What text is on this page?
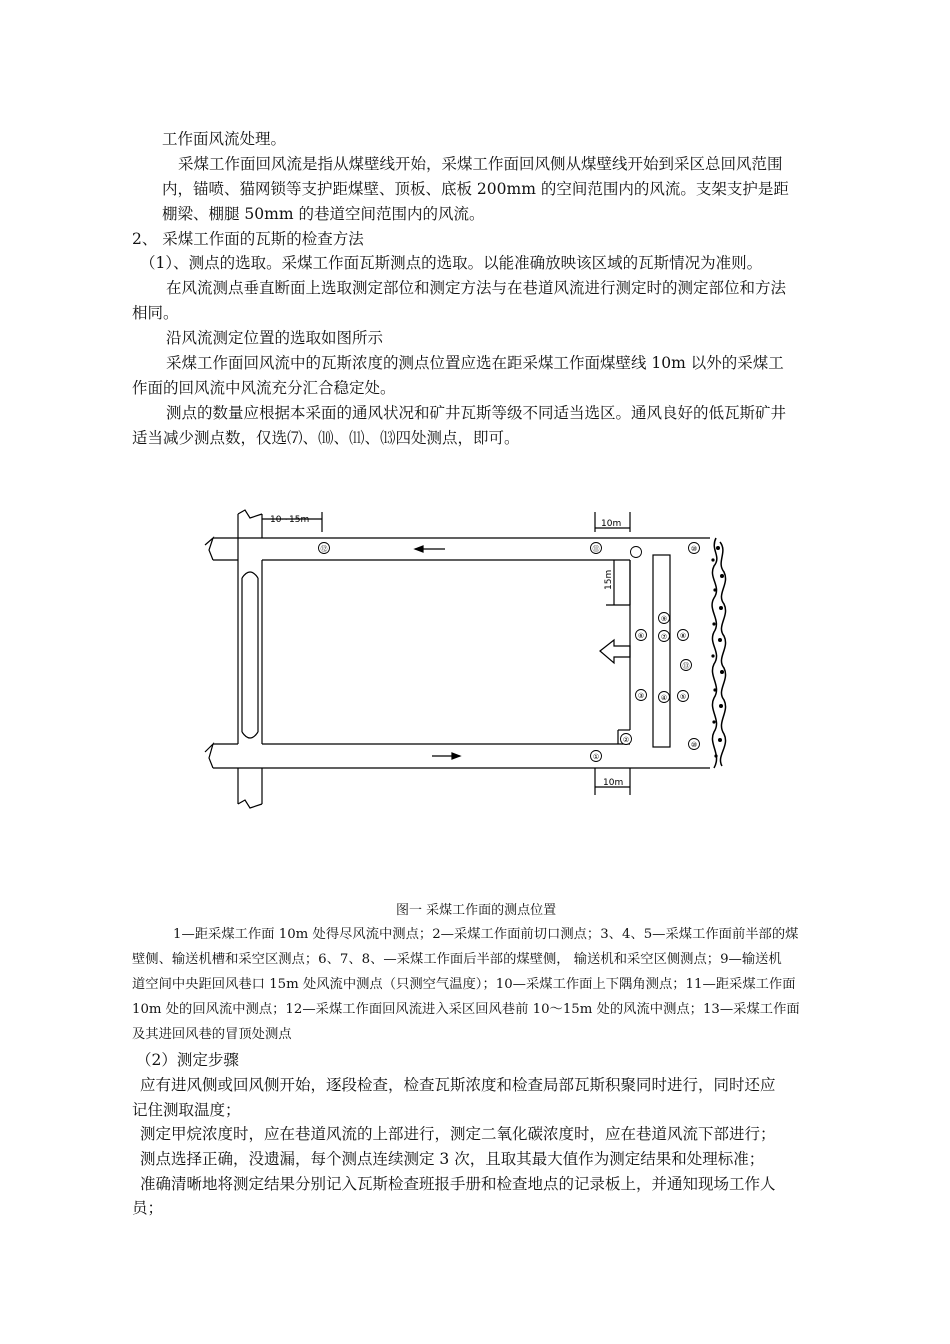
工作面风流处理。
采煤工作面回风流是指从煤壁线开始，采煤工作面回风侧从煤壁线开始到采区总回风范围
内，锚喷、猫网锁等支护距煤壁、顶板、底板 200mm 的空间范围内的风流。支架支护是距
棚梁、棚腿 50mm 的巷道空间范围内的风流。
2、 采煤工作面的瓦斯的检查方法
（1）、测点的选取。采煤工作面瓦斯测点的选取。以能准确放映该区域的瓦斯情况为准则。
在风流测点垂直断面上选取测定部位和测定方法与在巷道风流进行测定时的测定部位和方法
相同。
沿风流测定位置的选取如图所示
采煤工作面回风流中的瓦斯浓度的测点位置应选在距采煤工作面煤壁线 10m 以外的采煤工
作面的回风流中风流充分汇合稳定处。
测点的数量应根据本采面的通风状况和矿井瓦斯等级不同适当选区。通风良好的低瓦斯矿井
适当减少测点数，仅选⑺、⑽、⑾、⒀四处测点，即可。
10~15m	10m
15m
10m
⑫	⑪	⑩
⑨
③ ④ ⑤
⑥ ⑦ ⑧
⑬
⑩
①
②
图一 采煤工作面的测点位置
1—距采煤工作面 10m 处得尽风流中测点；2—采煤工作面前切口测点；3、4、5—采煤工作面前半部的煤
壁侧、输送机槽和采空区测点；6、7、8、—采煤工作面后半部的煤壁侧， 输送机和采空区侧测点；9—输送机
道空间中央距回风巷口 15m 处风流中测点（只测空气温度）；10—采煤工作面上下隅角测点；11—距采煤工作面
10m 处的回风流中测点；12—采煤工作面回风流进入采区回风巷前 10～15m 处的风流中测点；13—采煤工作面
及其进回风巷的冒顶处测点
（2）测定步骤
应有进风侧或回风侧开始，逐段检查，检查瓦斯浓度和检查局部瓦斯积聚同时进行，同时还应
记住测取温度；
测定甲烷浓度时，应在巷道风流的上部进行，测定二氧化碳浓度时，应在巷道风流下部进行；
测点选择正确，没遗漏，每个测点连续测定 3 次，且取其最大值作为测定结果和处理标准；
准确清晰地将测定结果分别记入瓦斯检查班报手册和检查地点的记录板上，并通知现场工作人
员；
